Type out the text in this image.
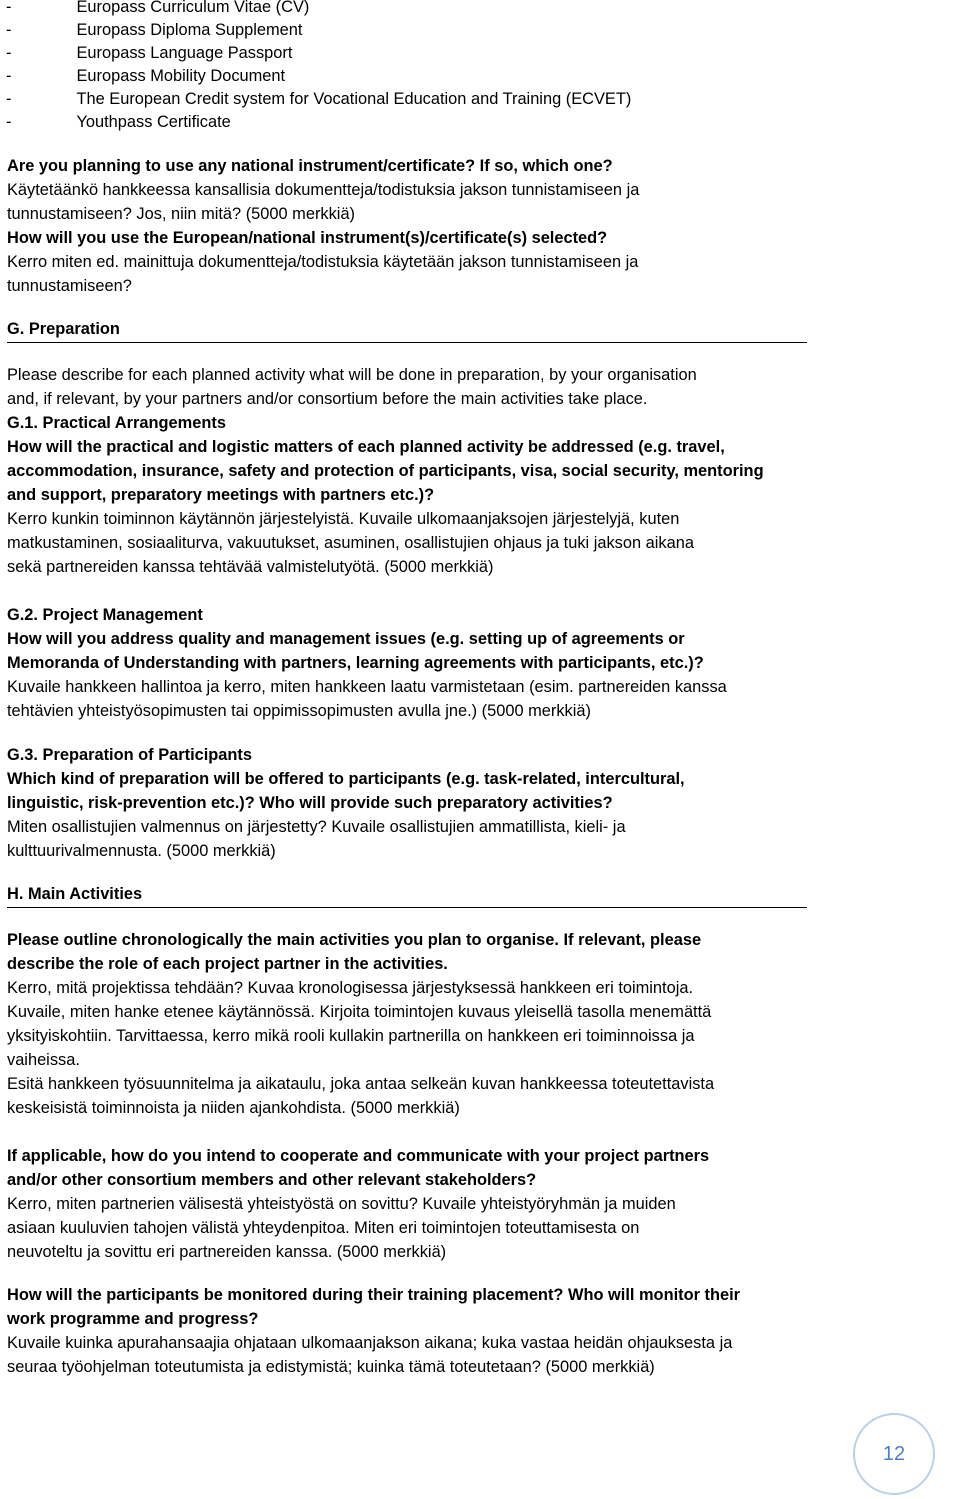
-	Europass Curriculum Vitae (CV)
-	Europass Diploma Supplement
-	Europass Language Passport
-	Europass Mobility Document
-	The European Credit system for Vocational Education and Training (ECVET)
-	Youthpass Certificate

Are you planning to use any national instrument/certificate? If so, which one?

Käytetäänkö hankkeessa kansallisia dokumentteja/todistuksia jakson tunnistamiseen ja

tunnustamiseen? Jos, niin mitä? (5000 merkkiä)

How will you use the European/national instrument(s)/certificate(s) selected?

Kerro miten ed. mainittuja dokumentteja/todistuksia käytetään jakson tunnistamiseen ja

tunnustamiseen?

G. Preparation

Please describe for each planned activity what will be done in preparation, by your organisation

and, if relevant, by your partners and/or consortium before the main activities take place.

G.1. Practical Arrangements

How will the practical and logistic matters of each planned activity be addressed (e.g. travel,

accommodation, insurance, safety and protection of participants, visa, social security, mentoring

and support, preparatory meetings with partners etc.)?

Kerro kunkin toiminnon käytännön järjestelyistä. Kuvaile ulkomaanjaksojen järjestelyjä, kuten

matkustaminen, sosiaaliturva, vakuutukset, asuminen, osallistujien ohjaus ja tuki jakson aikana

sekä partnereiden kanssa tehtävää valmistelutyötä. (5000 merkkiä)

G.2. Project Management

How will you address quality and management issues (e.g. setting up of agreements or

Memoranda of Understanding with partners, learning agreements with participants, etc.)?

Kuvaile hankkeen hallintoa ja kerro, miten hankkeen laatu varmistetaan (esim. partnereiden kanssa

tehtävien yhteistyösopimusten tai oppimissopimusten avulla jne.) (5000 merkkiä)

G.3. Preparation of Participants

Which kind of preparation will be offered to participants (e.g. task-related, intercultural,

linguistic, risk-prevention etc.)? Who will provide such preparatory activities?

Miten osallistujien valmennus on järjestetty? Kuvaile osallistujien ammatillista, kieli- ja

kulttuurivalmennusta. (5000 merkkiä)

H. Main Activities

Please outline chronologically the main activities you plan to organise. If relevant, please

describe the role of each project partner in the activities.

Kerro, mitä projektissa tehdään? Kuvaa kronologisessa järjestyksessä hankkeen eri toimintoja.

Kuvaile, miten hanke etenee käytännössä. Kirjoita toimintojen kuvaus yleisellä tasolla menemättä

yksityiskohtiin. Tarvittaessa, kerro mikä rooli kullakin partnerilla on hankkeen eri toiminnoissa ja

vaiheissa.

Esitä hankkeen työsuunnitelma ja aikataulu, joka antaa selkeän kuvan hankkeessa toteutettavista

keskeisistä toiminnoista ja niiden ajankohdista. (5000 merkkiä)

If applicable, how do you intend to cooperate and communicate with your project partners

and/or other consortium members and other relevant stakeholders?

Kerro, miten partnerien välisestä yhteistyöstä on sovittu? Kuvaile yhteistyöryhmän ja muiden

asiaan kuuluvien tahojen välistä yhteydenpitoa. Miten eri toimintojen toteuttamisesta on

neuvoteltu ja sovittu eri partnereiden kanssa. (5000 merkkiä)

How will the participants be monitored during their training placement? Who will monitor their

work programme and progress?

Kuvaile kuinka apurahansaajia ohjataan ulkomaanjakson aikana; kuka vastaa heidän ohjauksesta ja

seuraa työohjelman toteutumista ja edistymistä; kuinka tämä toteutetaan? (5000 merkkiä)

12
